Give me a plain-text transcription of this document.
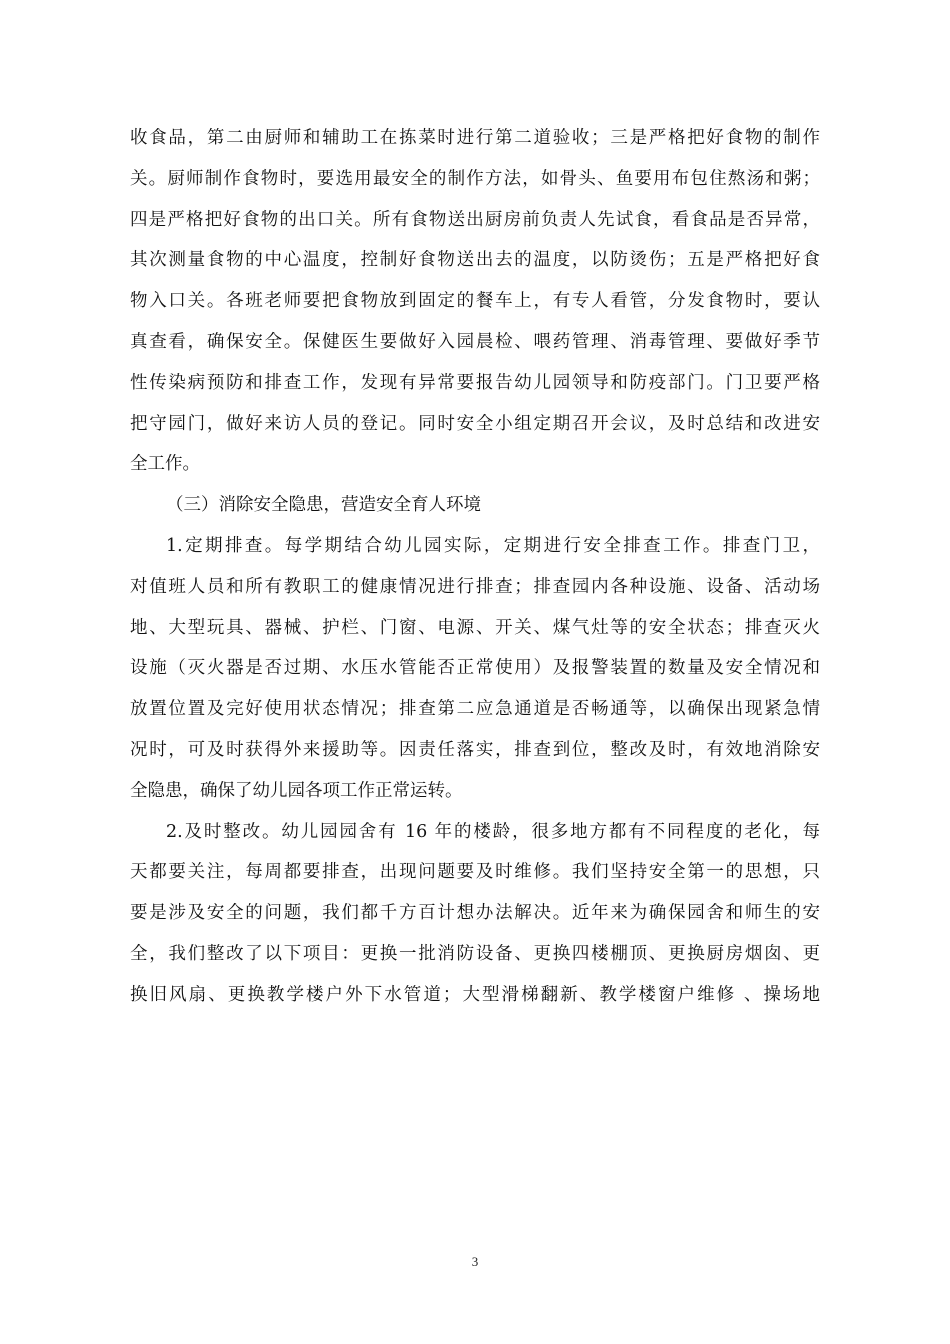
收食品，第二由厨师和辅助工在拣菜时进行第二道验收；三是严格把好食物的制作
关。厨师制作食物时，要选用最安全的制作方法，如骨头、鱼要用布包住熬汤和粥；
四是严格把好食物的出口关。所有食物送出厨房前负责人先试食，看食品是否异常，
其次测量食物的中心温度，控制好食物送出去的温度，以防烫伤；五是严格把好食
物入口关。各班老师要把食物放到固定的餐车上，有专人看管，分发食物时，要认
真查看，确保安全。保健医生要做好入园晨检、喂药管理、消毒管理、要做好季节
性传染病预防和排查工作，发现有异常要报告幼儿园领导和防疫部门。门卫要严格
把守园门，做好来访人员的登记。同时安全小组定期召开会议，及时总结和改进安
全工作。
（三）消除安全隐患，营造安全育人环境
1.定期排查。每学期结合幼儿园实际，定期进行安全排查工作。排查门卫，
对值班人员和所有教职工的健康情况进行排查；排查园内各种设施、设备、活动场
地、大型玩具、器械、护栏、门窗、电源、开关、煤气灶等的安全状态；排查灭火
设施（灭火器是否过期、水压水管能否正常使用）及报警装置的数量及安全情况和
放置位置及完好使用状态情况；排查第二应急通道是否畅通等，以确保出现紧急情
况时，可及时获得外来援助等。因责任落实，排查到位，整改及时，有效地消除安
全隐患，确保了幼儿园各项工作正常运转。
2.及时整改。幼儿园园舍有 16 年的楼龄，很多地方都有不同程度的老化，每
天都要关注，每周都要排查，出现问题要及时维修。我们坚持安全第一的思想，只
要是涉及安全的问题，我们都千方百计想办法解决。近年来为确保园舍和师生的安
全，我们整改了以下项目：更换一批消防设备、更换四楼棚顶、更换厨房烟囱、更
换旧风扇、更换教学楼户外下水管道；大型滑梯翻新、教学楼窗户维修 、操场地
3
